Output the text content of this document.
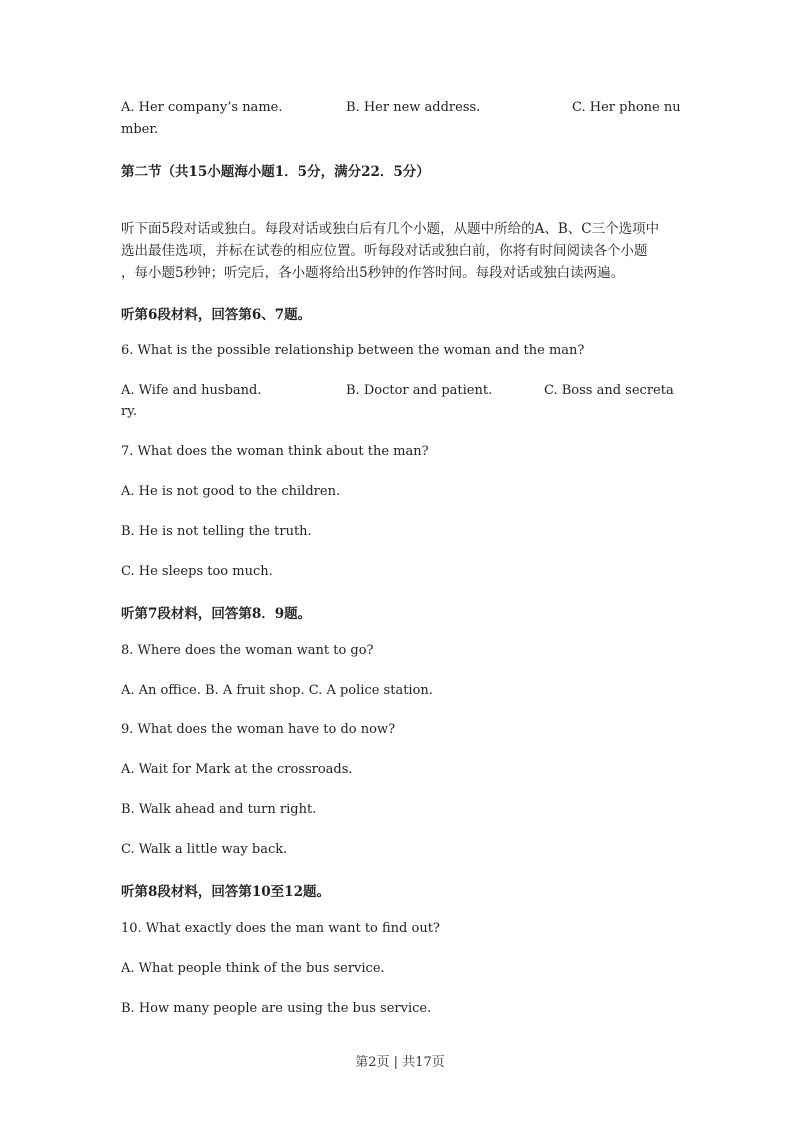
A. Her company’s name.	B. Her new address.	C. Her phone nu
mber.
第二节（共15小题海小题1．5分，满分22．5分）
听下面5段对话或独白。每段对话或独白后有几个小题，从题中所给的A、B、C三个选项中
选出最佳选项，并标在试卷的相应位置。听每段对话或独白前，你将有时间阅读各个小题
，每小题5秒钟；听完后，各小题将给出5秒钟的作答时间。每段对话或独白读两遍。
听第6段材料，回答第6、7题。
6. What is the possible relationship between the woman and the man?
A. Wife and husband.	B. Doctor and patient.	C. Boss and secreta
ry.
7. What does the woman think about the man?
A. He is not good to the children.
B. He is not telling the truth.
C. He sleeps too much.
听第7段材料，回答第8．9题。
8. Where does the woman want to go?
A. An office. B. A fruit shop. C. A police station.
9. What does the woman have to do now?
A. Wait for Mark at the crossroads.
B. Walk ahead and turn right.
C. Walk a little way back.
听第8段材料，回答第10至12题。
10. What exactly does the man want to find out?
A. What people think of the bus service.
B. How many people are using the bus service.
第2页 | 共17页
